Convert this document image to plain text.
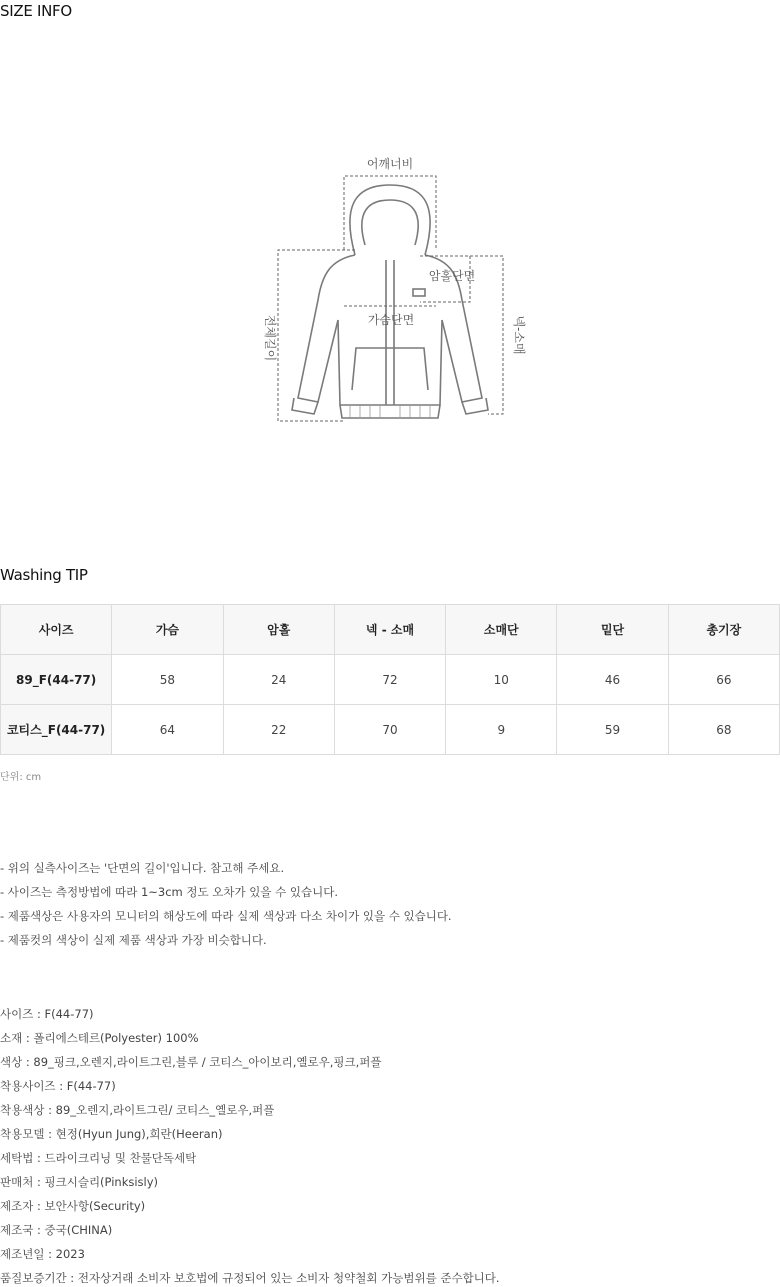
SIZE INFO
어깨너비
암홀단면
가슴단면
전체길이	넥-소매
Washing TIP
사이즈	가슴	암홀	넥 - 소매	소매단	밑단	총기장
89_F(44-77)	58	24	72	10	46	66
코티스_F(44-77)	64	22	70	9	59	68
단위: cm
- 위의 실측사이즈는 '단면의 길이'입니다. 참고해 주세요.
- 사이즈는 측정방법에 따라 1~3cm 정도 오차가 있을 수 있습니다.
- 제품색상은 사용자의 모니터의 해상도에 따라 실제 색상과 다소 차이가 있을 수 있습니다.
- 제품컷의 색상이 실제 제품 색상과 가장 비슷합니다.
사이즈 : F(44-77)
소재 : 폴리에스테르(Polyester) 100%
색상 : 89_핑크,오렌지,라이트그린,블루 / 코티스_아이보리,옐로우,핑크,퍼플
착용사이즈 : F(44-77)
착용색상 : 89_오렌지,라이트그린/ 코티스_옐로우,퍼플
착용모델 : 현정(Hyun Jung),희란(Heeran)
세탁법 : 드라이크리닝 및 찬물단독세탁
판매처 : 핑크시슬리(Pinksisly)
제조자 : 보안사항(Security)
제조국 : 중국(CHINA)
제조년일 : 2023
품질보증기간 : 전자상거래 소비자 보호법에 규정되어 있는 소비자 청약철회 가능범위를 준수합니다.
